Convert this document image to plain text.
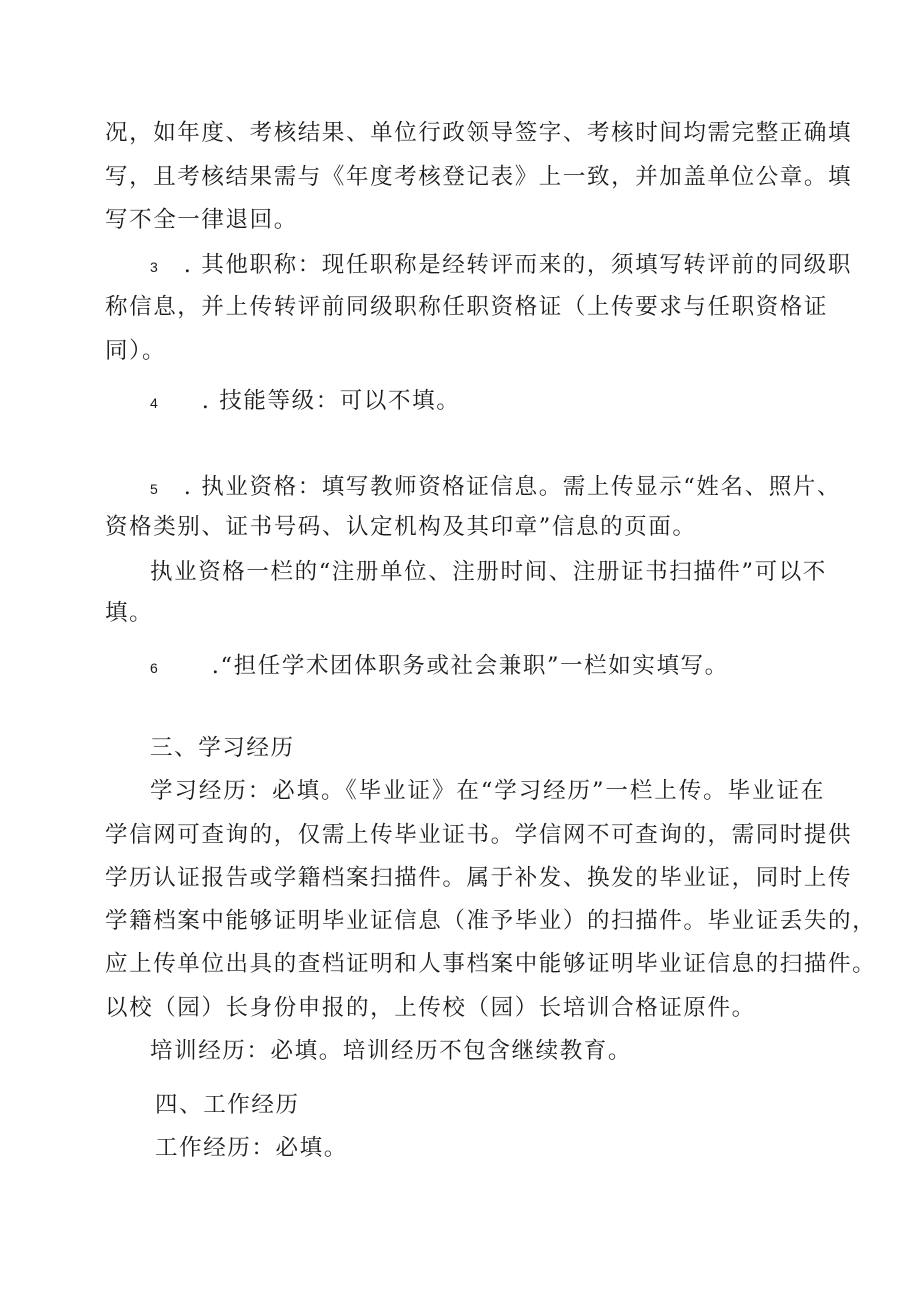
况，如年度、考核结果、单位行政领导签字、考核时间均需完整正确填
写，且考核结果需与《年度考核登记表》上一致，并加盖单位公章。填
写不全一律退回。
3 . 其他职称：现任职称是经转评而来的，须填写转评前的同级职
称信息，并上传转评前同级职称任职资格证（上传要求与任职资格证
同）。
4 . 技能等级：可以不填。
5 . 执业资格：填写教师资格证信息。需上传显示“姓名、照片、
资格类别、证书号码、认定机构及其印章”信息的页面。
执业资格一栏的“注册单位、注册时间、注册证书扫描件”可以不
填。
6 .“担任学术团体职务或社会兼职”一栏如实填写。
三、学习经历
学习经历：必填。《毕业证》在“学习经历”一栏上传。毕业证在
学信网可查询的，仅需上传毕业证书。学信网不可查询的，需同时提供
学历认证报告或学籍档案扫描件。属于补发、换发的毕业证，同时上传
学籍档案中能够证明毕业证信息（准予毕业）的扫描件。毕业证丢失的，
应上传单位出具的查档证明和人事档案中能够证明毕业证信息的扫描件。
以校（园）长身份申报的，上传校（园）长培训合格证原件。
培训经历：必填。培训经历不包含继续教育。
四、工作经历
工作经历：必填。
